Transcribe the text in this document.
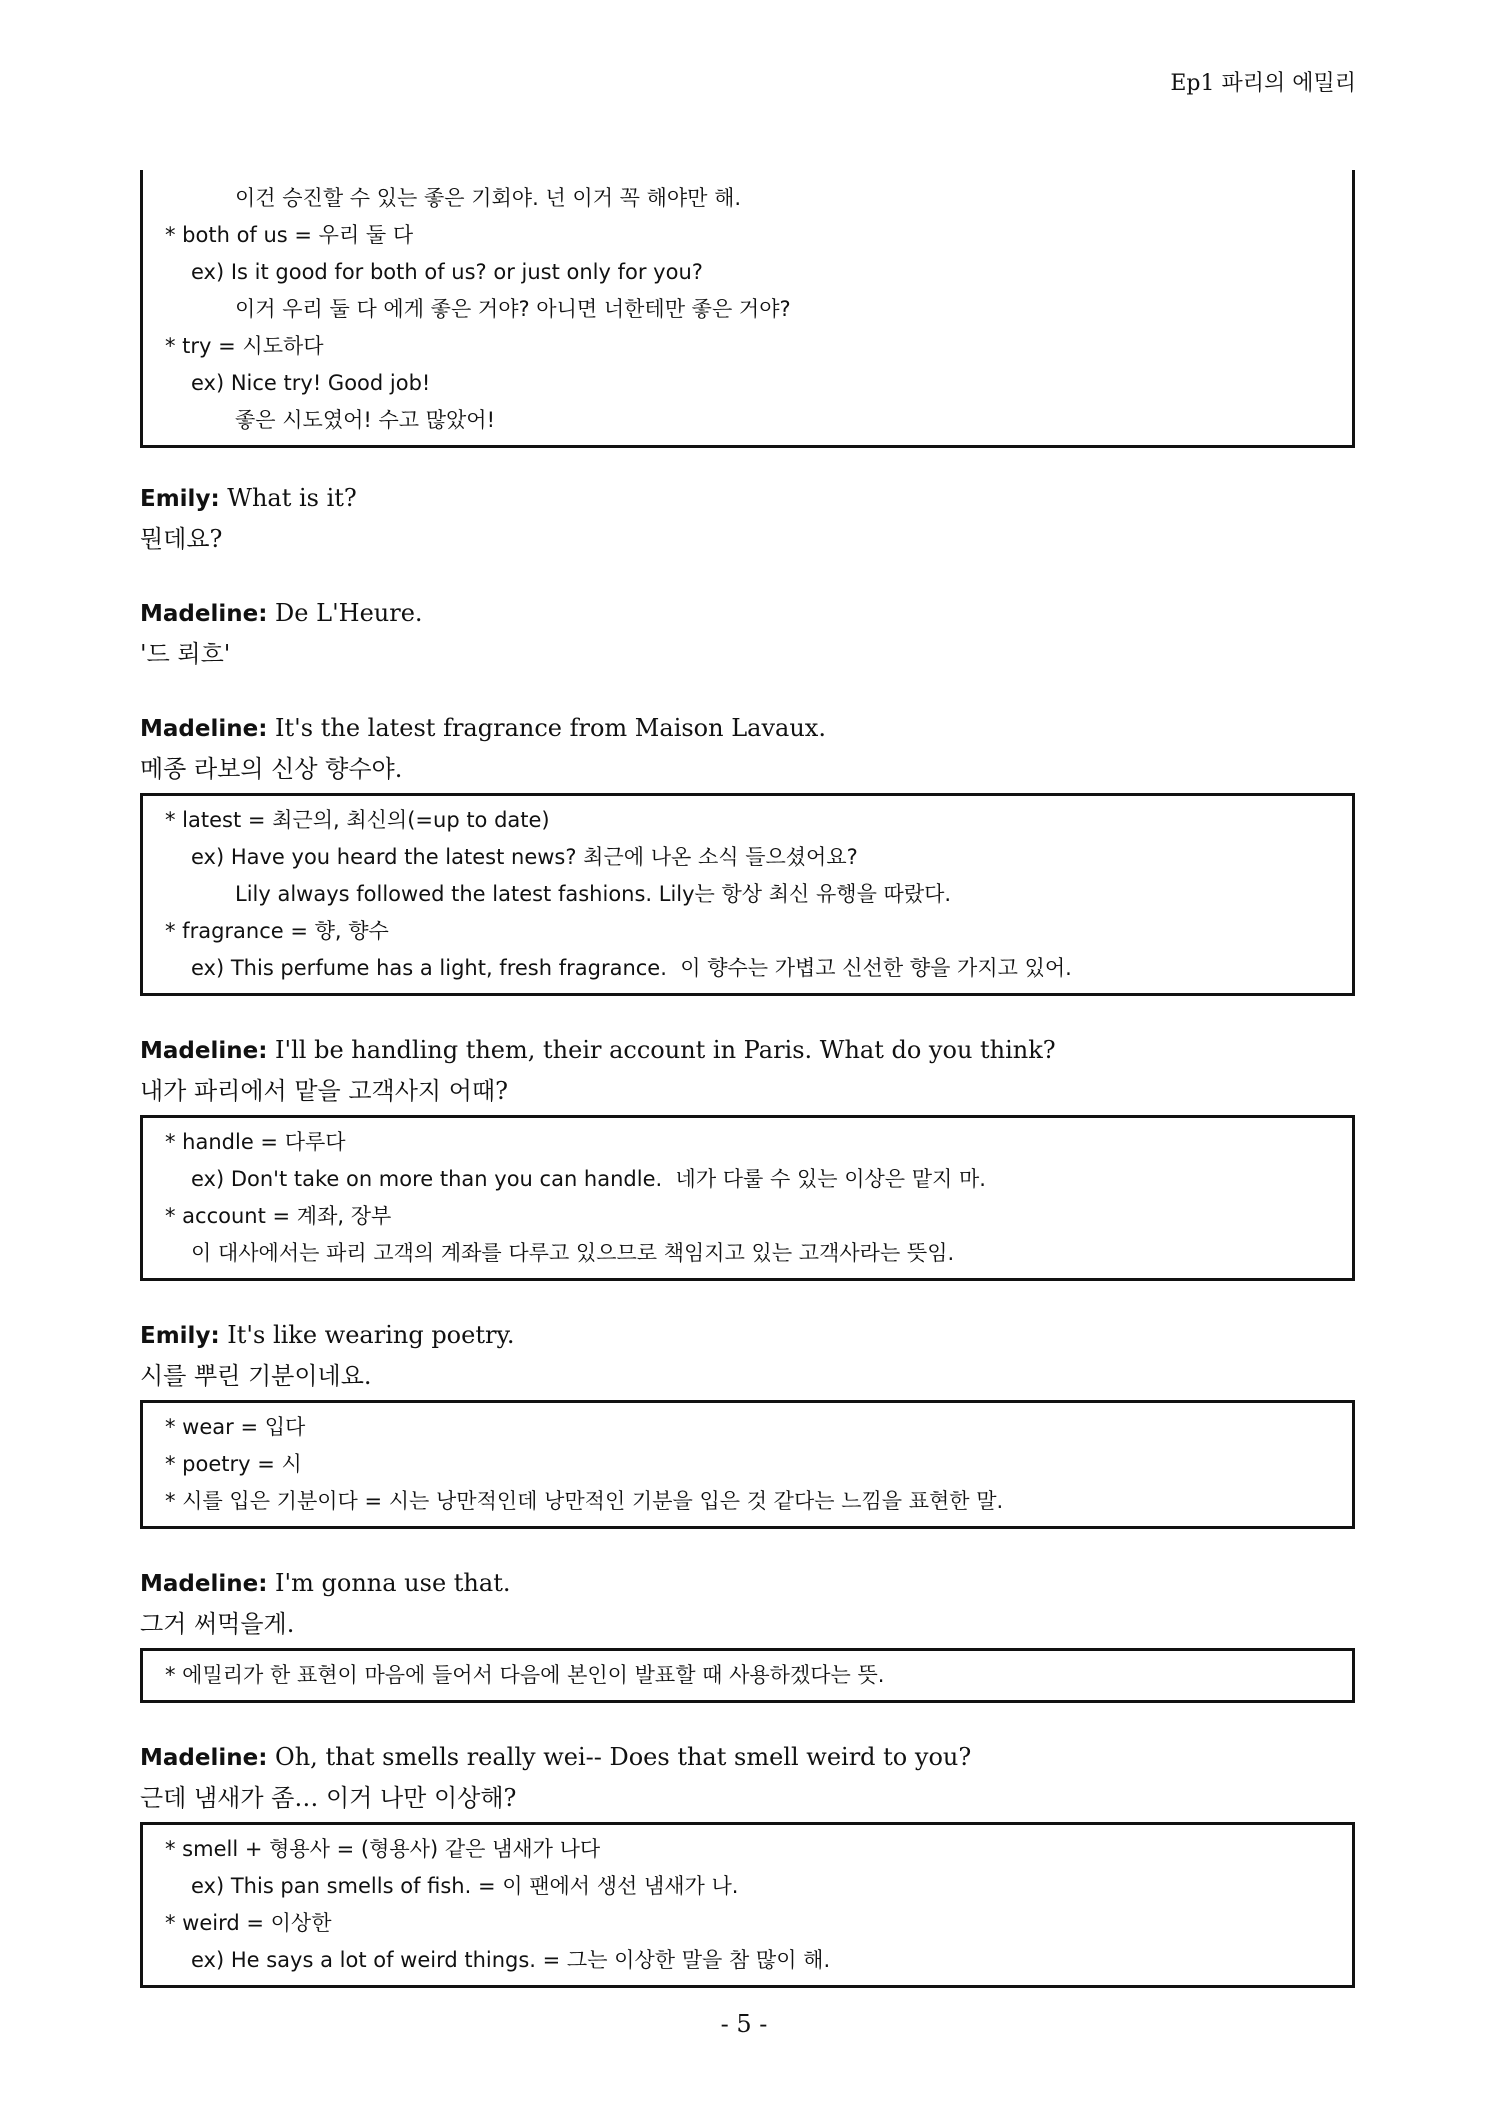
Ep1 파리의 에밀리
이건 승진할 수 있는 좋은 기회야. 넌 이거 꼭 해야만 해.
* both of us = 우리 둘 다
ex) Is it good for both of us? or just only for you?
이거 우리 둘 다 에게 좋은 거야? 아니면 너한테만 좋은 거야?
* try = 시도하다
ex) Nice try! Good job!
좋은 시도였어! 수고 많았어!
Emily: What is it?
뭔데요?
Madeline: De L'Heure.
'드 뢰흐'
Madeline: It's the latest fragrance from Maison Lavaux.
메종 라보의 신상 향수야.
* latest = 최근의, 최신의(=up to date)
ex) Have you heard the latest news? 최근에 나온 소식 들으셨어요?
Lily always followed the latest fashions. Lily는 항상 최신 유행을 따랐다.
* fragrance = 향, 향수
ex) This perfume has a light, fresh fragrance.  이 향수는 가볍고 신선한 향을 가지고 있어.
Madeline: I'll be handling them, their account in Paris. What do you think?
내가 파리에서 맡을 고객사지 어때?
* handle = 다루다
ex) Don't take on more than you can handle.  네가 다룰 수 있는 이상은 맡지 마.
* account = 계좌, 장부
이 대사에서는 파리 고객의 계좌를 다루고 있으므로 책임지고 있는 고객사라는 뜻임.
Emily: It's like wearing poetry.
시를 뿌린 기분이네요.
* wear = 입다
* poetry = 시
* 시를 입은 기분이다 = 시는 낭만적인데 낭만적인 기분을 입은 것 같다는 느낌을 표현한 말.
Madeline: I'm gonna use that.
그거 써먹을게.
* 에밀리가 한 표현이 마음에 들어서 다음에 본인이 발표할 때 사용하겠다는 뜻.
Madeline: Oh, that smells really wei-- Does that smell weird to you?
근데 냄새가 좀… 이거 나만 이상해?
* smell + 형용사 = (형용사) 같은 냄새가 나다
ex) This pan smells of fish. = 이 팬에서 생선 냄새가 나.
* weird = 이상한
ex) He says a lot of weird things. = 그는 이상한 말을 참 많이 해.
- 5 -
